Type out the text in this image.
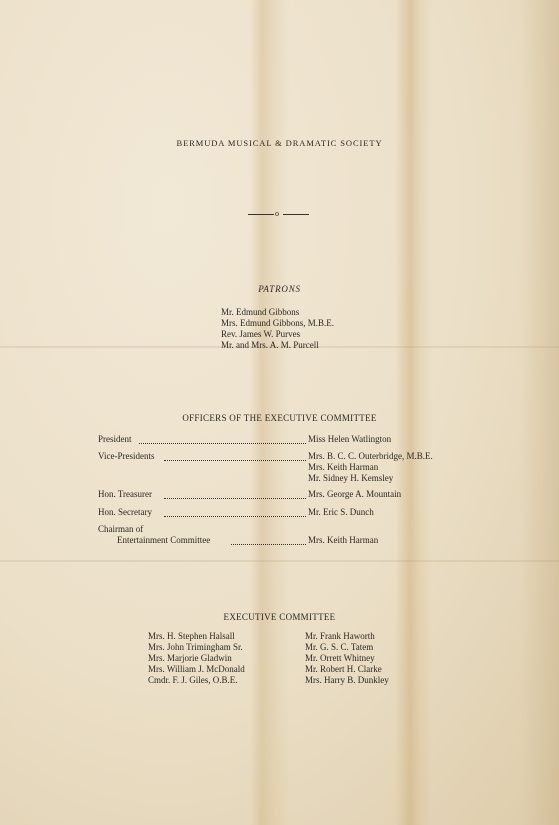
BERMUDA MUSICAL & DRAMATIC SOCIETY
o
PATRONS
Mr. Edmund Gibbons
Mrs. Edmund Gibbons, M.B.E.
Rev. James W. Purves
Mr. and Mrs. A. M. Purcell
OFFICERS OF THE EXECUTIVE COMMITTEE
President	Miss Helen Watlington
Vice-Presidents	Mrs. B. C. C. Outerbridge, M.B.E.
Mrs. Keith Harman
Mr. Sidney H. Kemsley
Hon. Treasurer	Mrs. George A. Mountain
Hon. Secretary	Mr. Eric S. Dunch
Chairman of
Entertainment Committee	Mrs. Keith Harman
EXECUTIVE COMMITTEE
Mrs. H. Stephen Halsall
Mrs. John Trimingham Sr.
Mrs. Marjorie Gladwin
Mrs. William J. McDonald
Cmdr. F. J. Giles, O.B.E.
Mr. Frank Haworth
Mr. G. S. C. Tatem
Mr. Orrett Whitney
Mr. Robert H. Clarke
Mrs. Harry B. Dunkley
